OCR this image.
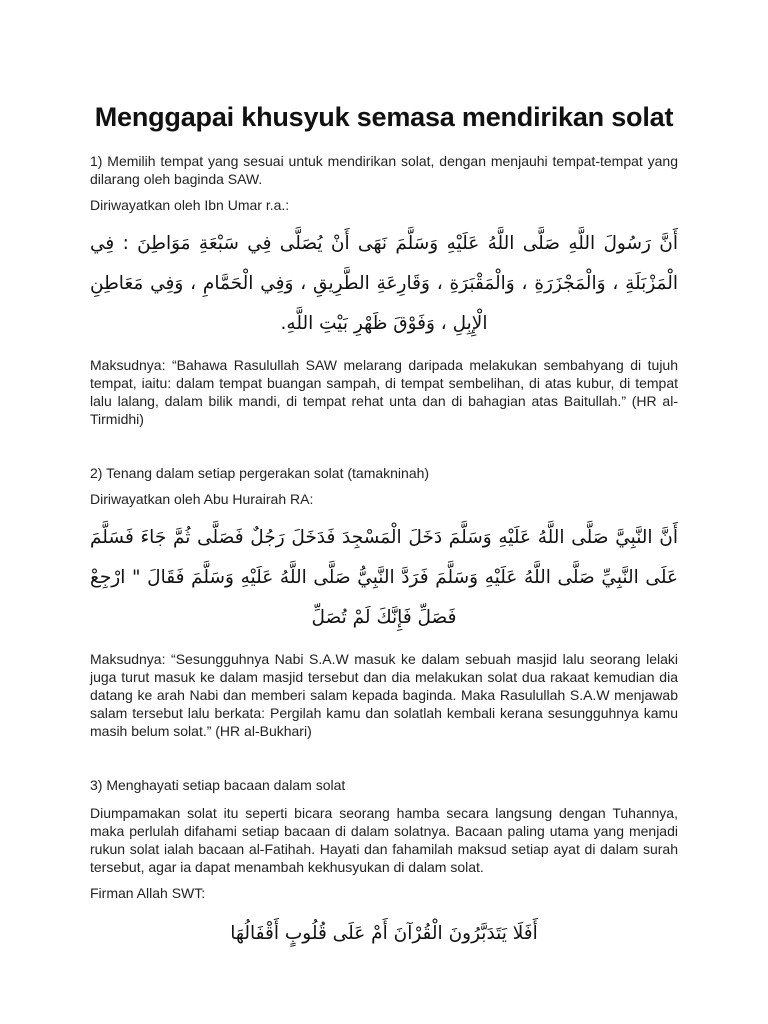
Menggapai khusyuk semasa mendirikan solat

1) Memilih tempat yang sesuai untuk mendirikan solat, dengan menjauhi tempat-tempat yang dilarang oleh baginda SAW.

Diriwayatkan oleh Ibn Umar r.a.:

أَنَّ رَسُولَ اللَّهِ صَلَّى اللَّهُ عَلَيْهِ وَسَلَّمَ نَهَى أَنْ يُصَلَّى فِي سَبْعَةِ مَوَاطِنَ : فِي الْمَزْبَلَةِ ، وَالْمَجْزَرَةِ ، وَالْمَقْبَرَةِ ، وَقَارِعَةِ الطَّرِيقِ ، وَفِي الْحَمَّامِ ، وَفِي مَعَاطِنِ الْإِبِلِ ، وَفَوْقَ ظَهْرِ بَيْتِ اللَّهِ.

Maksudnya: “Bahawa Rasulullah SAW melarang daripada melakukan sembahyang di tujuh tempat, iaitu: dalam tempat buangan sampah, di tempat sembelihan, di atas kubur, di tempat lalu lalang, dalam bilik mandi, di tempat rehat unta dan di bahagian atas Baitullah.” (HR al-Tirmidhi)

2) Tenang dalam setiap pergerakan solat (tamakninah)

Diriwayatkan oleh Abu Hurairah RA:

أَنَّ النَّبِيَّ صَلَّى اللَّهُ عَلَيْهِ وَسَلَّمَ دَخَلَ الْمَسْجِدَ فَدَخَلَ رَجُلٌ فَصَلَّى ثُمَّ جَاءَ فَسَلَّمَ عَلَى النَّبِيِّ صَلَّى اللَّهُ عَلَيْهِ وَسَلَّمَ فَرَدَّ النَّبِيُّ صَلَّى اللَّهُ عَلَيْهِ وَسَلَّمَ فَقَالَ " ارْجِعْ فَصَلِّ فَإِنَّكَ لَمْ تُصَلِّ

Maksudnya: “Sesungguhnya Nabi S.A.W masuk ke dalam sebuah masjid lalu seorang lelaki juga turut masuk ke dalam masjid tersebut dan dia melakukan solat dua rakaat kemudian dia datang ke arah Nabi dan memberi salam kepada baginda. Maka Rasulullah S.A.W menjawab salam tersebut lalu berkata: Pergilah kamu dan solatlah kembali kerana sesungguhnya kamu masih belum solat.” (HR al-Bukhari)

3) Menghayati setiap bacaan dalam solat

Diumpamakan solat itu seperti bicara seorang hamba secara langsung dengan Tuhannya, maka perlulah difahami setiap bacaan di dalam solatnya. Bacaan paling utama yang menjadi rukun solat ialah bacaan al-Fatihah. Hayati dan fahamilah maksud setiap ayat di dalam surah tersebut, agar ia dapat menambah kekhusyukan di dalam solat.

Firman Allah SWT:

أَفَلَا يَتَدَبَّرُونَ الْقُرْآنَ أَمْ عَلَى قُلُوبٍ أَقْفَالُهَا
